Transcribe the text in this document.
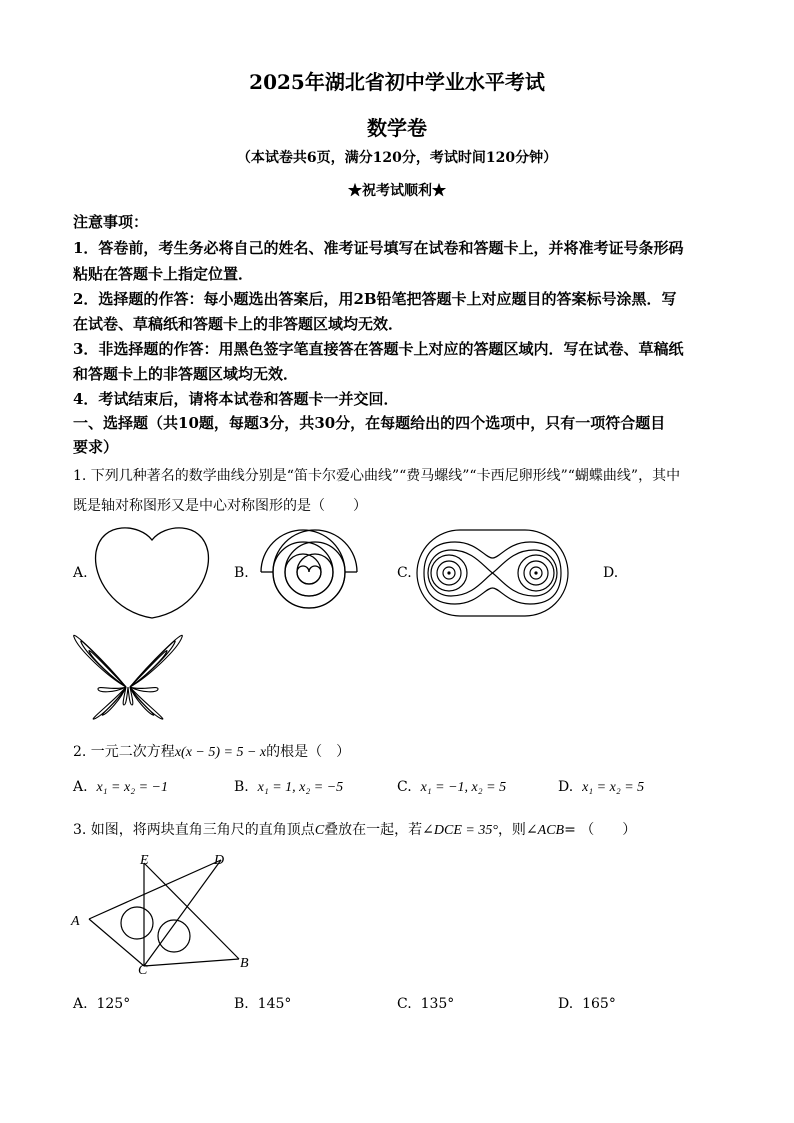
2025年湖北省初中学业水平考试
数学卷
（本试卷共6页，满分120分，考试时间120分钟）
★祝考试顺利★
注意事项：
1．答卷前，考生务必将自己的姓名、准考证号填写在试卷和答题卡上，并将准考证号条形码
粘贴在答题卡上指定位置．
2．选择题的作答：每小题选出答案后，用2B铅笔把答题卡上对应题目的答案标号涂黑．写
在试卷、草稿纸和答题卡上的非答题区域均无效．
3．非选择题的作答：用黑色签字笔直接答在答题卡上对应的答题区域内．写在试卷、草稿纸
和答题卡上的非答题区域均无效．
4．考试结束后，请将本试卷和答题卡一并交回．
一、选择题（共10题，每题3分，共30分，在每题给出的四个选项中，只有一项符合题目
要求）
1. 下列几种著名的数学曲线分别是“笛卡尔爱心曲线”“费马螺线”“卡西尼卵形线”“蝴蝶曲线”，其中
既是轴对称图形又是中心对称图形的是（　　）
A.	B.	C.	D.
2. 一元二次方程x(x − 5) = 5 − x的根是（　）
A. x₁ = x₂ = −1	B. x₁ = 1, x₂ = −5	C. x₁ = −1, x₂ = 5	D. x₁ = x₂ = 5
3. 如图，将两块直角三角尺的直角顶点C叠放在一起，若∠DCE = 35°，则∠ACB= （　　）
E	D
A
C	B
A. 125°	B. 145°	C. 135°	D. 165°
